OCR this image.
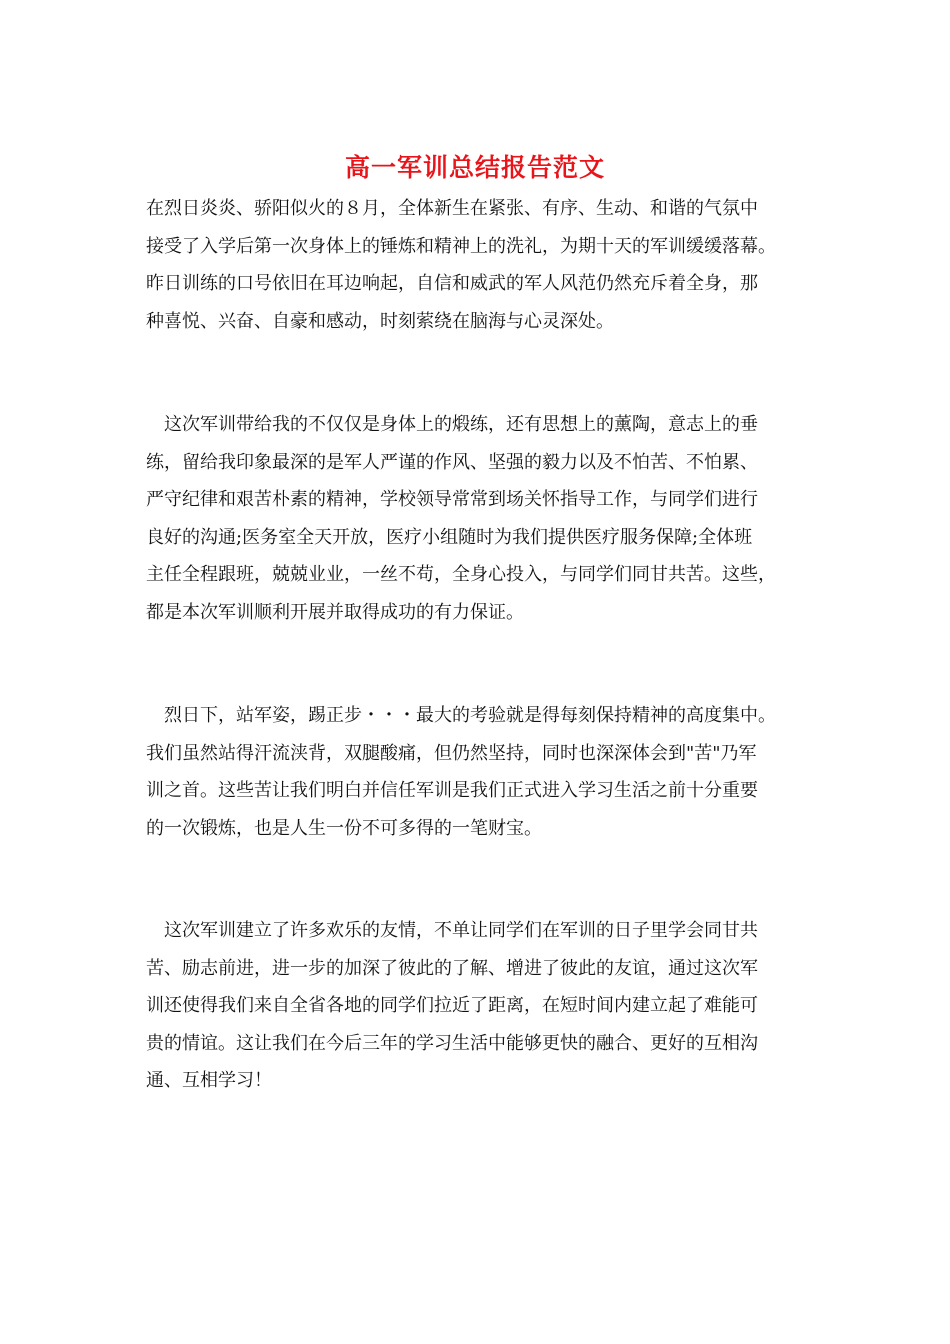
高一军训总结报告范文
在烈日炎炎、骄阳似火的８月，全体新生在紧张、有序、生动、和谐的气氛中
接受了入学后第一次身体上的锤炼和精神上的洗礼，为期十天的军训缓缓落幕。
昨日训练的口号依旧在耳边响起，自信和威武的军人风范仍然充斥着全身，那
种喜悦、兴奋、自豪和感动，时刻萦绕在脑海与心灵深处。
这次军训带给我的不仅仅是身体上的煅练，还有思想上的薰陶，意志上的垂
练，留给我印象最深的是军人严谨的作风、坚强的毅力以及不怕苦、不怕累、
严守纪律和艰苦朴素的精神，学校领导常常到场关怀指导工作，与同学们进行
良好的沟通;医务室全天开放，医疗小组随时为我们提供医疗服务保障;全体班
主任全程跟班，兢兢业业，一丝不苟，全身心投入，与同学们同甘共苦。这些，
都是本次军训顺利开展并取得成功的有力保证。
烈日下，站军姿，踢正步・・・最大的考验就是得每刻保持精神的高度集中。
我们虽然站得汗流浃背，双腿酸痛，但仍然坚持，同时也深深体会到"苦"乃军
训之首。这些苦让我们明白并信任军训是我们正式进入学习生活之前十分重要
的一次锻炼，也是人生一份不可多得的一笔财宝。
这次军训建立了许多欢乐的友情，不单让同学们在军训的日子里学会同甘共
苦、励志前进，进一步的加深了彼此的了解、增进了彼此的友谊，通过这次军
训还使得我们来自全省各地的同学们拉近了距离，在短时间内建立起了难能可
贵的情谊。这让我们在今后三年的学习生活中能够更快的融合、更好的互相沟
通、互相学习！
